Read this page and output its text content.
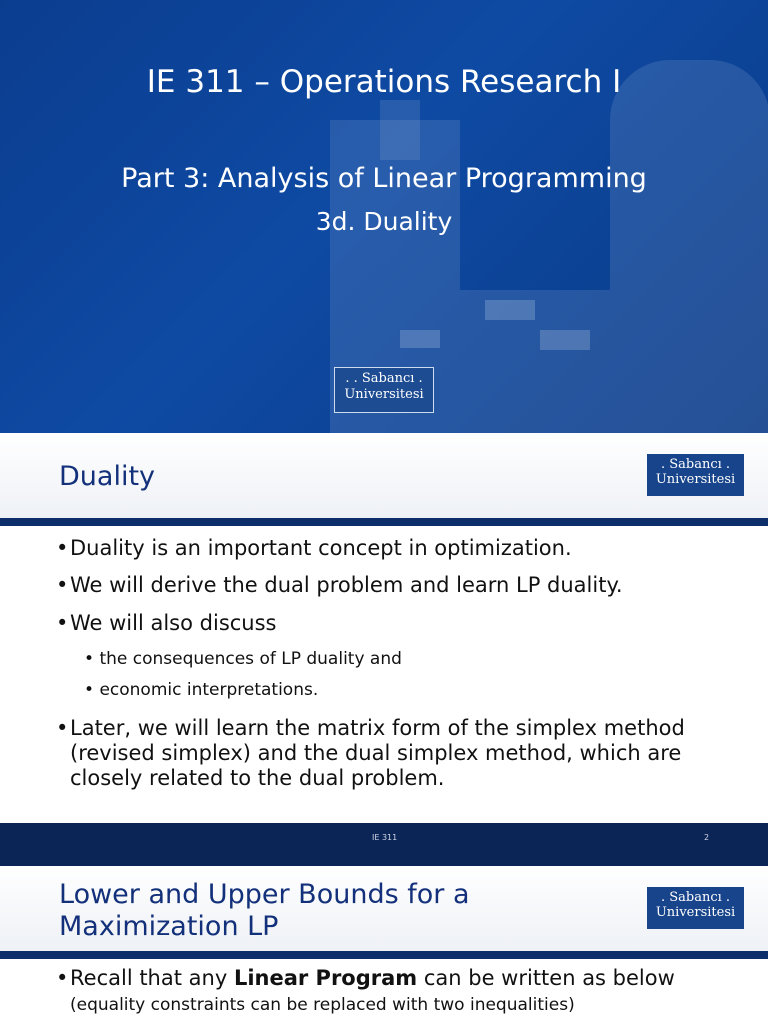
IE 311 – Operations Research I
Part 3: Analysis of Linear Programming
3d. Duality
. . Sabancı .
Universitesi
Duality	. Sabancı .
Universitesi
• Duality is an important concept in optimization.
• We will derive the dual problem and learn LP duality.
• We will also discuss
• the consequences of LP duality and
• economic interpretations.
• Later, we will learn the matrix form of the simplex method (revised simplex) and the dual simplex method, which are closely related to the dual problem.
IE 311	2
Lower and Upper Bounds for a
Maximization LP
. Sabancı .
Universitesi
• Recall that any Linear Program can be written as below (equality constraints can be replaced with two inequalities)
